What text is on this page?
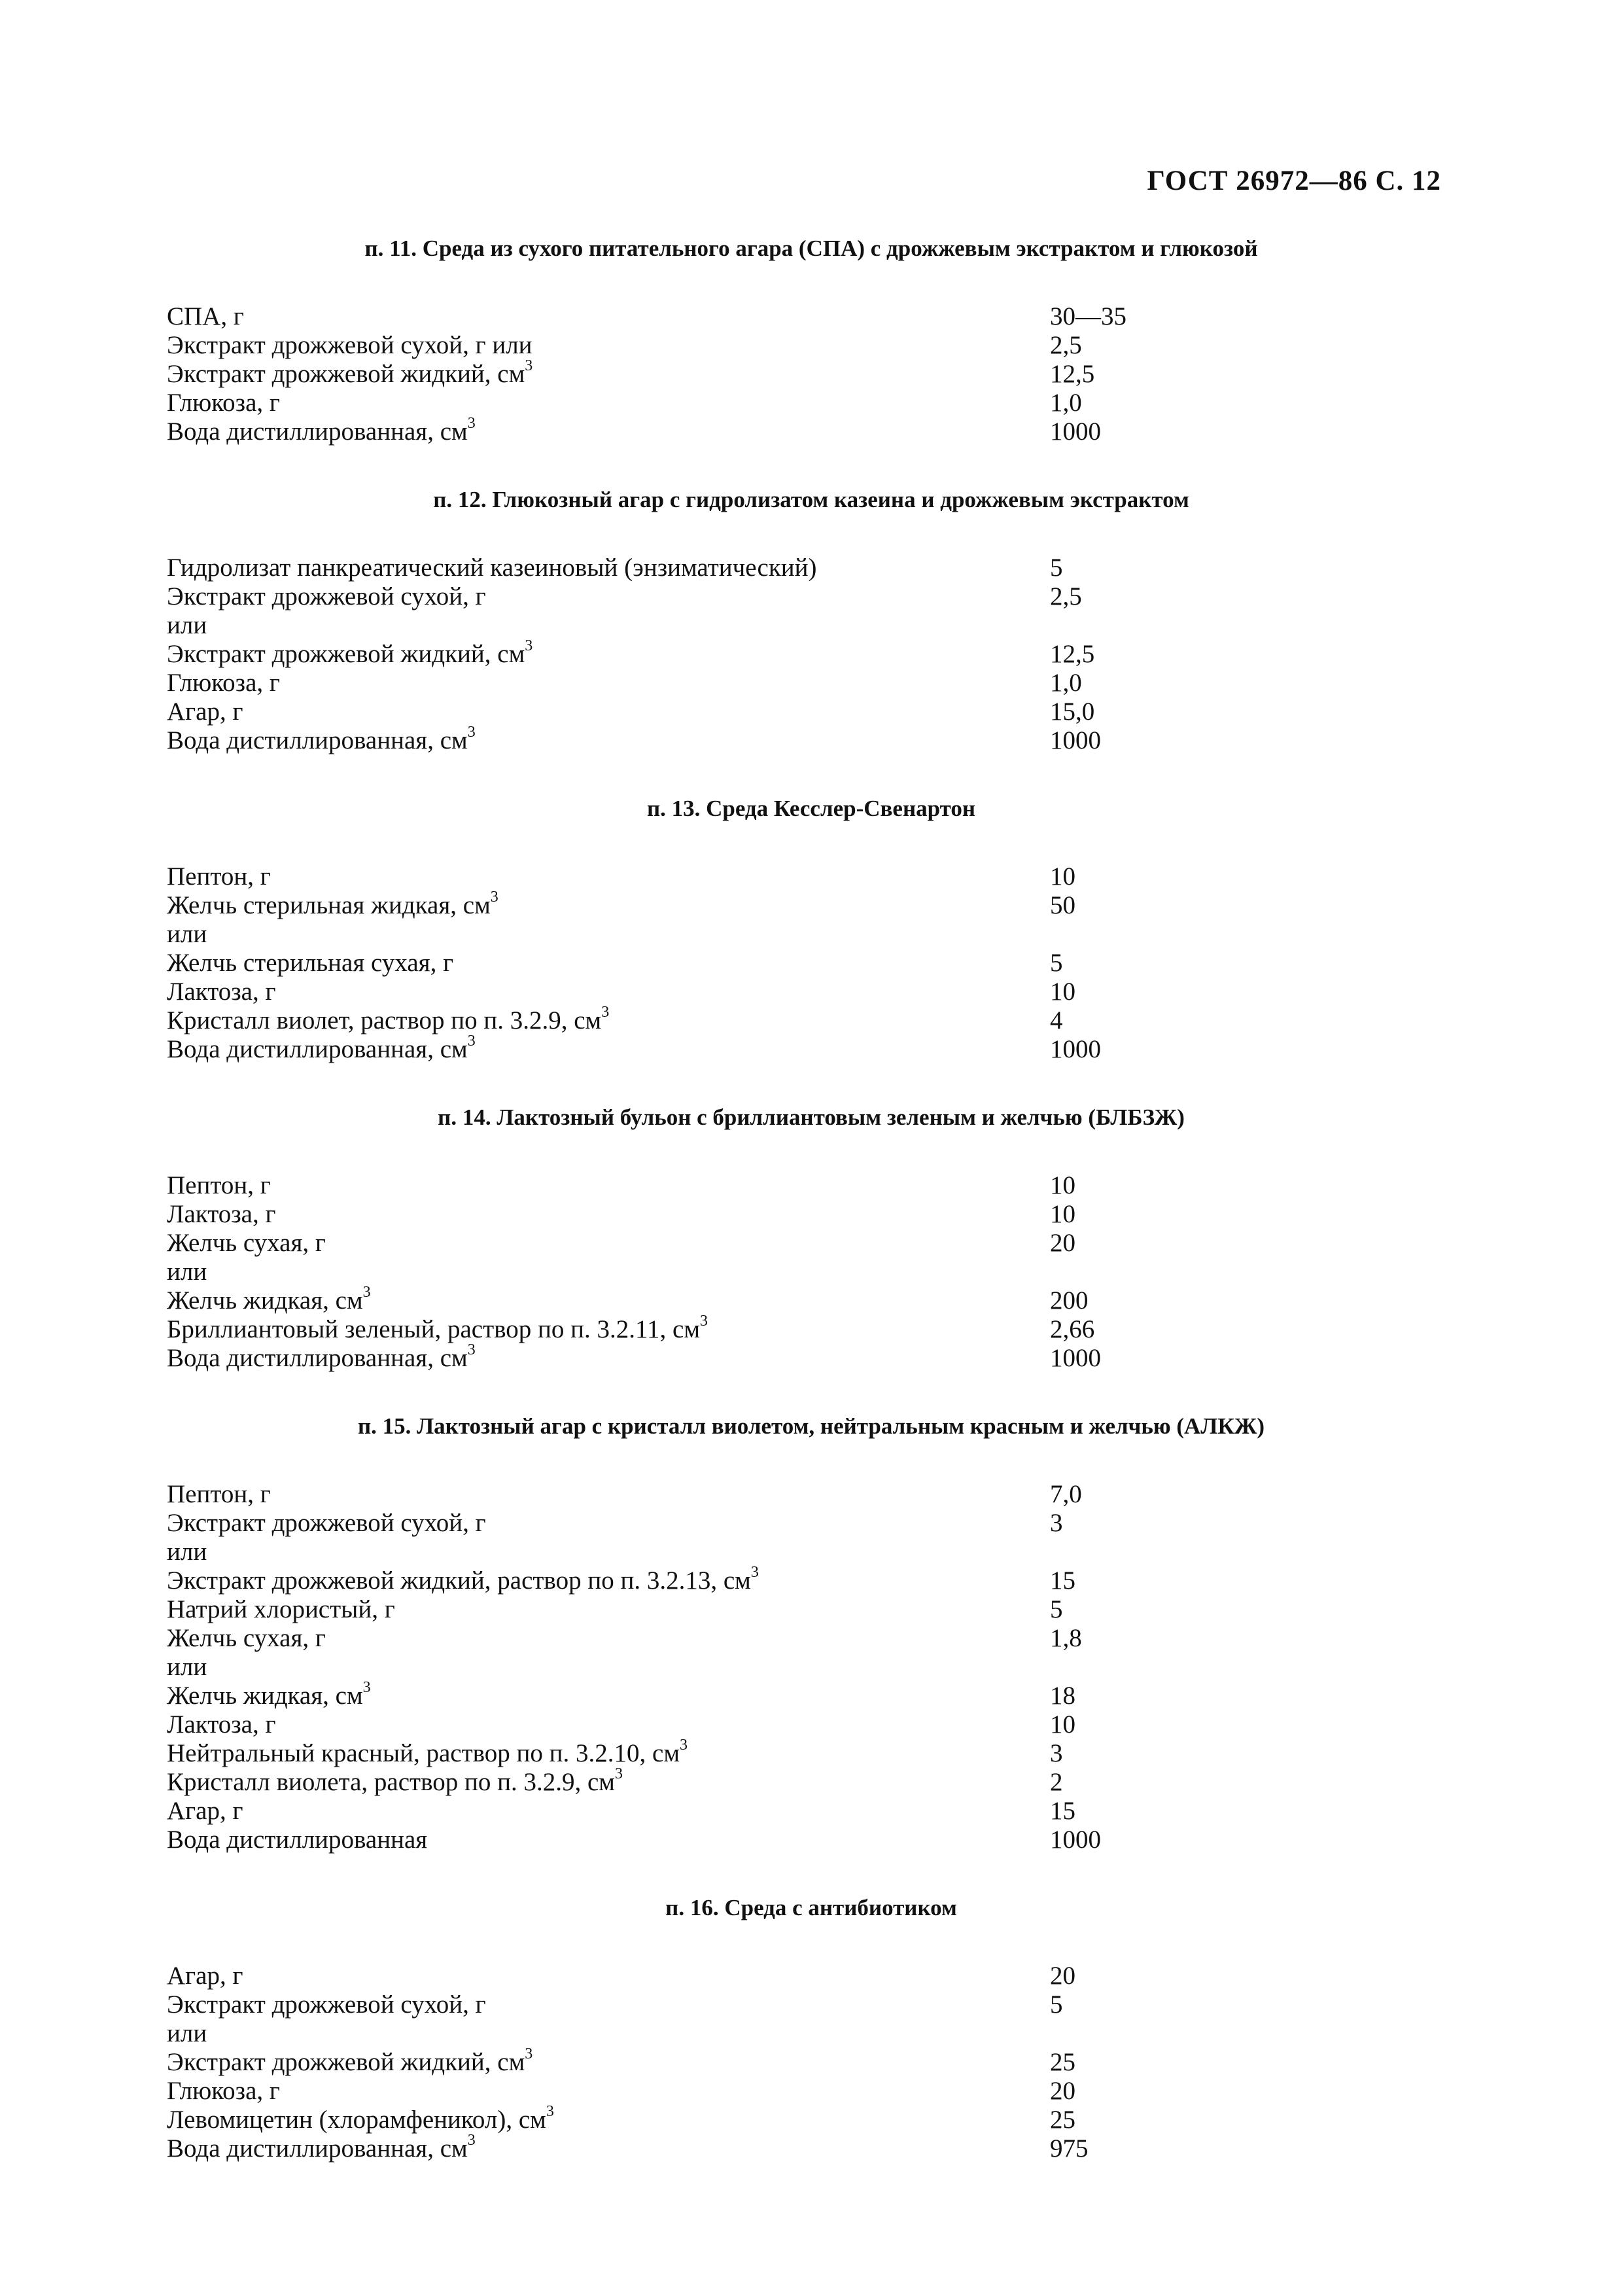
ГОСТ 26972—86 С. 12
п. 11. Среда из сухого питательного агара (СПА) с дрожжевым экстрактом и глюкозой
СПА, г	30—35
Экстракт дрожжевой сухой, г или	2,5
Экстракт дрожжевой жидкий, $см^3$	12,5
Глюкоза, г	1,0
Вода дистиллированная, $см^3$	1000
п. 12. Глюкозный агар с гидролизатом казеина и дрожжевым экстрактом
Гидролизат панкреатический казеиновый (энзиматический)	5
Экстракт дрожжевой сухой, г	2,5
или
Экстракт дрожжевой жидкий, $см^3$	12,5
Глюкоза, г	1,0
Агар, г	15,0
Вода дистиллированная, $см^3$	1000
п. 13. Среда Кесслер-Свенартон
Пептон, г	10
Желчь стерильная жидкая, $см^3$	50
или
Желчь стерильная сухая, г	5
Лактоза, г	10
Кристалл виолет, раствор по п. 3.2.9, $см^3$	4
Вода дистиллированная, $см^3$	1000
п. 14. Лактозный бульон с бриллиантовым зеленым и желчью (БЛБЗЖ)
Пептон, г	10
Лактоза, г	10
Желчь сухая, г	20
или
Желчь жидкая, $см^3$	200
Бриллиантовый зеленый, раствор по п. 3.2.11, $см^3$	2,66
Вода дистиллированная, $см^3$	1000
п. 15. Лактозный агар с кристалл виолетом, нейтральным красным и желчью (АЛКЖ)
Пептон, г	7,0
Экстракт дрожжевой сухой, г	3
или
Экстракт дрожжевой жидкий, раствор по п. 3.2.13, $см^3$	15
Натрий хлористый, г	5
Желчь сухая, г	1,8
или
Желчь жидкая, $см^3$	18
Лактоза, г	10
Нейтральный красный, раствор по п. 3.2.10, $см^3$	3
Кристалл виолета, раствор по п. 3.2.9, $см^3$	2
Агар, г	15
Вода дистиллированная	1000
п. 16. Среда с антибиотиком
Агар, г	20
Экстракт дрожжевой сухой, г	5
или
Экстракт дрожжевой жидкий, $см^3$	25
Глюкоза, г	20
Левомицетин (хлорамфеникол), $см^3$	25
Вода дистиллированная, $см^3$	975
